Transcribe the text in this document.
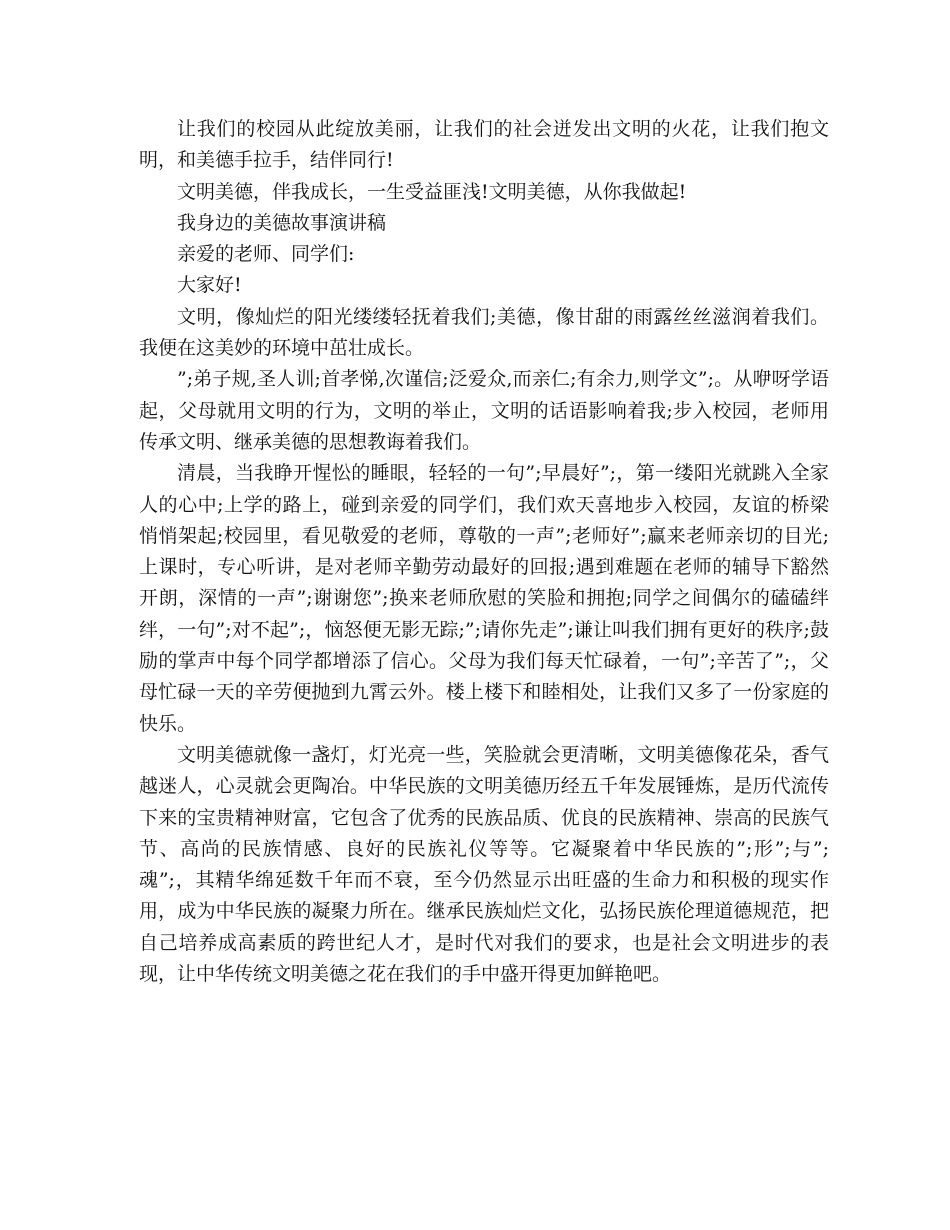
让我们的校园从此绽放美丽，让我们的社会迸发出文明的火花，让我们抱文明，和美德手拉手，结伴同行!

文明美德，伴我成长，一生受益匪浅!文明美德，从你我做起!

我身边的美德故事演讲稿

亲爱的老师、同学们:

大家好!

文明，像灿烂的阳光缕缕轻抚着我们;美德，像甘甜的雨露丝丝滋润着我们。我便在这美妙的环境中茁壮成长。

”;弟子规,圣人训;首孝悌,次谨信;泛爱众,而亲仁;有余力,则学文”;。从咿呀学语起，父母就用文明的行为，文明的举止，文明的话语影响着我;步入校园，老师用传承文明、继承美德的思想教诲着我们。

清晨，当我睁开惺忪的睡眼，轻轻的一句”;早晨好”;，第一缕阳光就跳入全家人的心中;上学的路上，碰到亲爱的同学们，我们欢天喜地步入校园，友谊的桥梁悄悄架起;校园里，看见敬爱的老师，尊敬的一声”;老师好”;赢来老师亲切的目光;上课时，专心听讲，是对老师辛勤劳动最好的回报;遇到难题在老师的辅导下豁然开朗，深情的一声”;谢谢您”;换来老师欣慰的笑脸和拥抱;同学之间偶尔的磕磕绊绊，一句”;对不起”;，恼怒便无影无踪;”;请你先走”;谦让叫我们拥有更好的秩序;鼓励的掌声中每个同学都增添了信心。父母为我们每天忙碌着，一句”;辛苦了”;，父母忙碌一天的辛劳便抛到九霄云外。楼上楼下和睦相处，让我们又多了一份家庭的快乐。

文明美德就像一盏灯，灯光亮一些，笑脸就会更清晰，文明美德像花朵，香气越迷人，心灵就会更陶冶。中华民族的文明美德历经五千年发展锤炼，是历代流传下来的宝贵精神财富，它包含了优秀的民族品质、优良的民族精神、崇高的民族气节、高尚的民族情感、良好的民族礼仪等等。它凝聚着中华民族的”;形”;与”;魂”;，其精华绵延数千年而不衰，至今仍然显示出旺盛的生命力和积极的现实作用，成为中华民族的凝聚力所在。继承民族灿烂文化，弘扬民族伦理道德规范，把自己培养成高素质的跨世纪人才，是时代对我们的要求，也是社会文明进步的表现，让中华传统文明美德之花在我们的手中盛开得更加鲜艳吧。
